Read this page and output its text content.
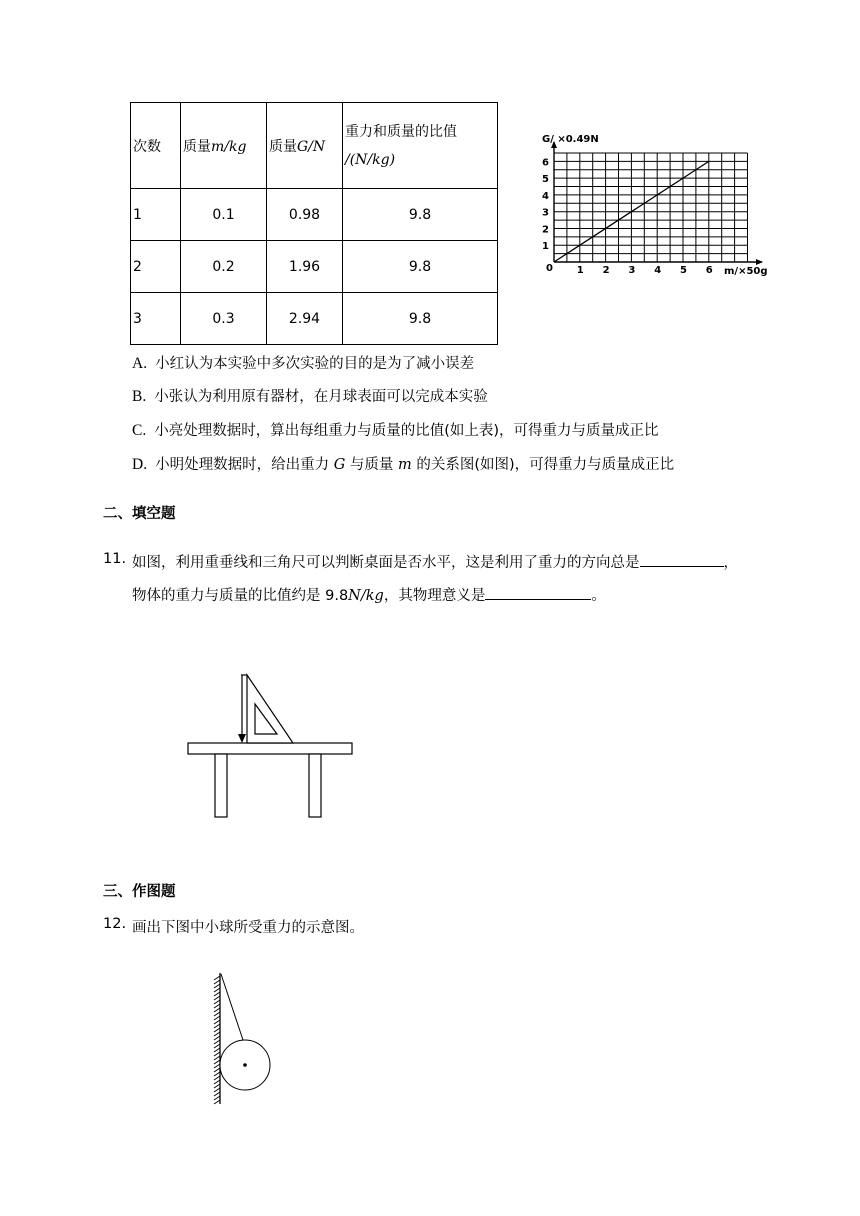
次数	质量m/kg	质量G/N	重力和质量的比值
/(N/kg)

1	0.1	0.98	9.8
2	0.2	1.96	9.8
3	0.3	2.94	9.8
1 2 3 4 5 6
1
2
3
4
5
6
G/ ×0.49N
m/×50g
0
A. 小红认为本实验中多次实验的目的是为了减小误差
B. 小张认为利用原有器材，在月球表面可以完成本实验
C. 小亮处理数据时，算出每组重力与质量的比值(如上表)，可得重力与质量成正比
D. 小明处理数据时，给出重力 G 与质量 m 的关系图(如图)，可得重力与质量成正比
二、填空题
11. 如图，利用重垂线和三角尺可以判断桌面是否水平，这是利用了重力的方向总是	，
物体的重力与质量的比值约是 9.8N/kg，其物理意义是	。
三、作图题
12. 画出下图中小球所受重力的示意图。
